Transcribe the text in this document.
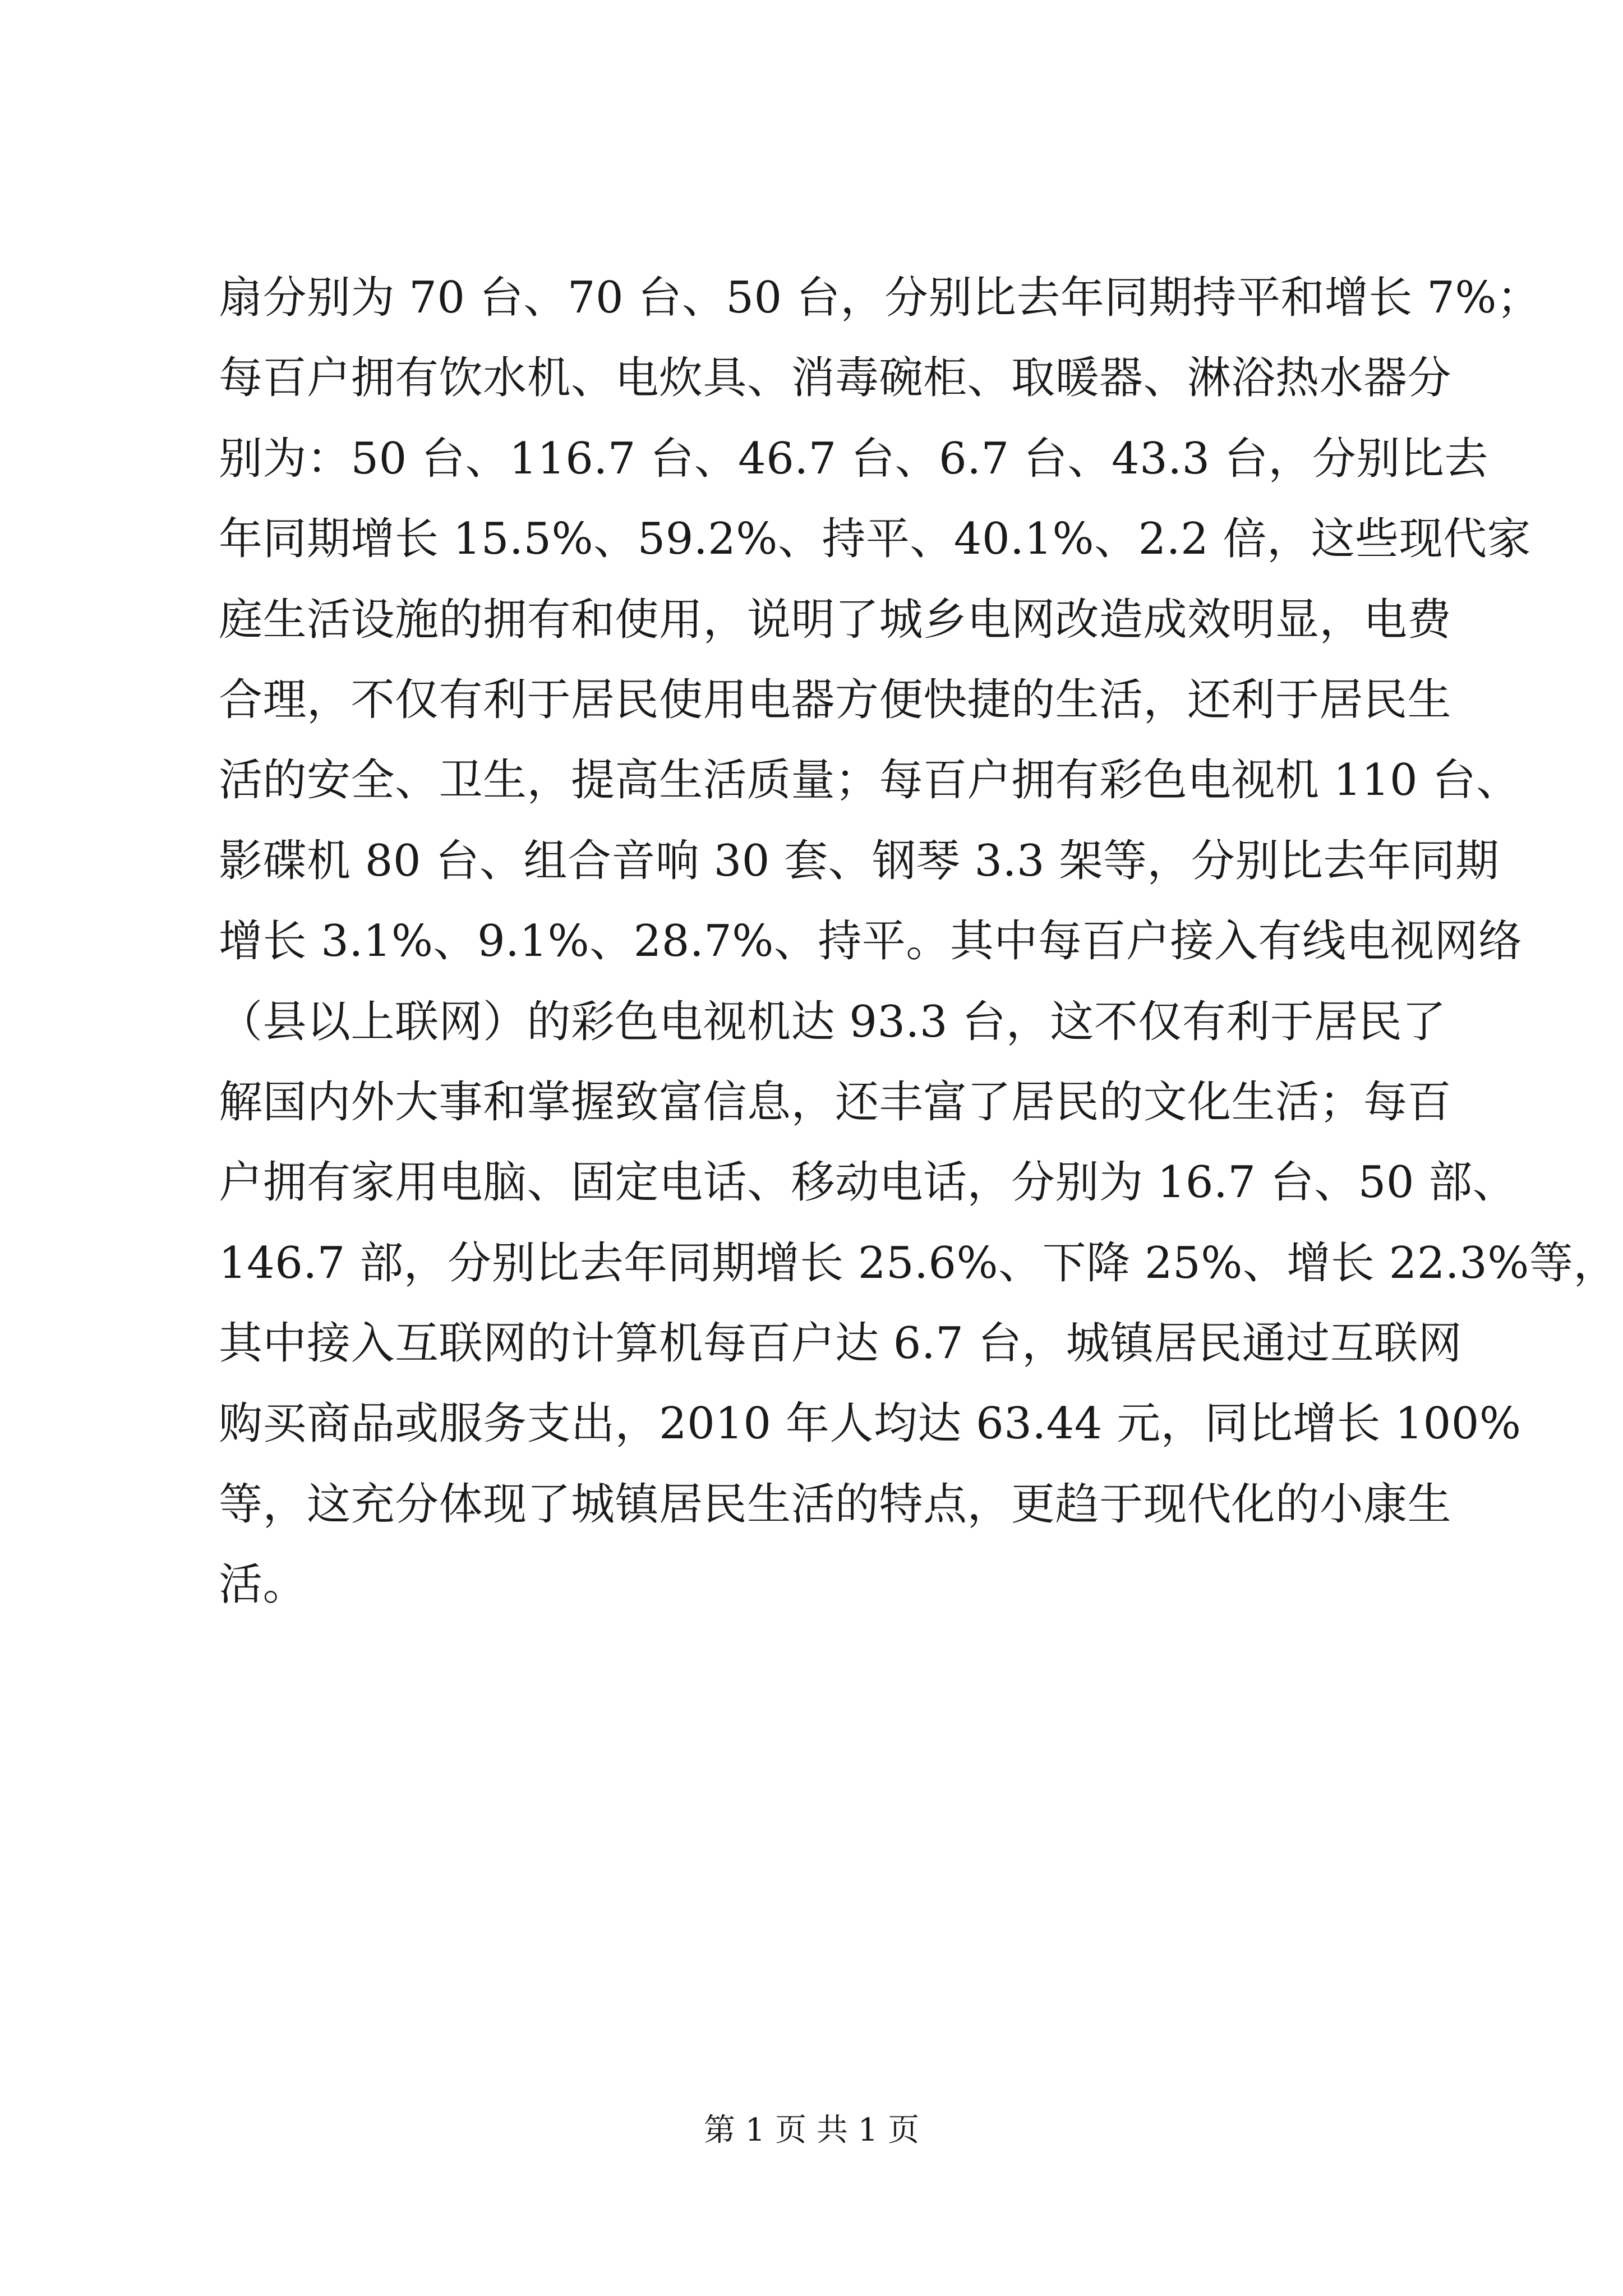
扇分别为 70 台、70 台、50 台，分别比去年同期持平和增长 7%；
每百户拥有饮水机、电炊具、消毒碗柜、取暖器、淋浴热水器分
别为：50 台、116.7 台、46.7 台、6.7 台、43.3 台，分别比去
年同期增长 15.5%、59.2%、持平、40.1%、2.2 倍，这些现代家
庭生活设施的拥有和使用，说明了城乡电网改造成效明显，电费
合理，不仅有利于居民使用电器方便快捷的生活，还利于居民生
活的安全、卫生，提高生活质量；每百户拥有彩色电视机 110 台、
影碟机 80 台、组合音响 30 套、钢琴 3.3 架等，分别比去年同期
增长 3.1%、9.1%、28.7%、持平。其中每百户接入有线电视网络
（县以上联网）的彩色电视机达 93.3 台，这不仅有利于居民了
解国内外大事和掌握致富信息，还丰富了居民的文化生活；每百
户拥有家用电脑、固定电话、移动电话，分别为 16.7 台、50 部、
146.7 部，分别比去年同期增长 25.6%、下降 25%、增长 22.3%等，
其中接入互联网的计算机每百户达 6.7 台，城镇居民通过互联网
购买商品或服务支出，2010 年人均达 63.44 元，同比增长 100%
等，这充分体现了城镇居民生活的特点，更趋于现代化的小康生
活。
第 1 页 共 1 页
